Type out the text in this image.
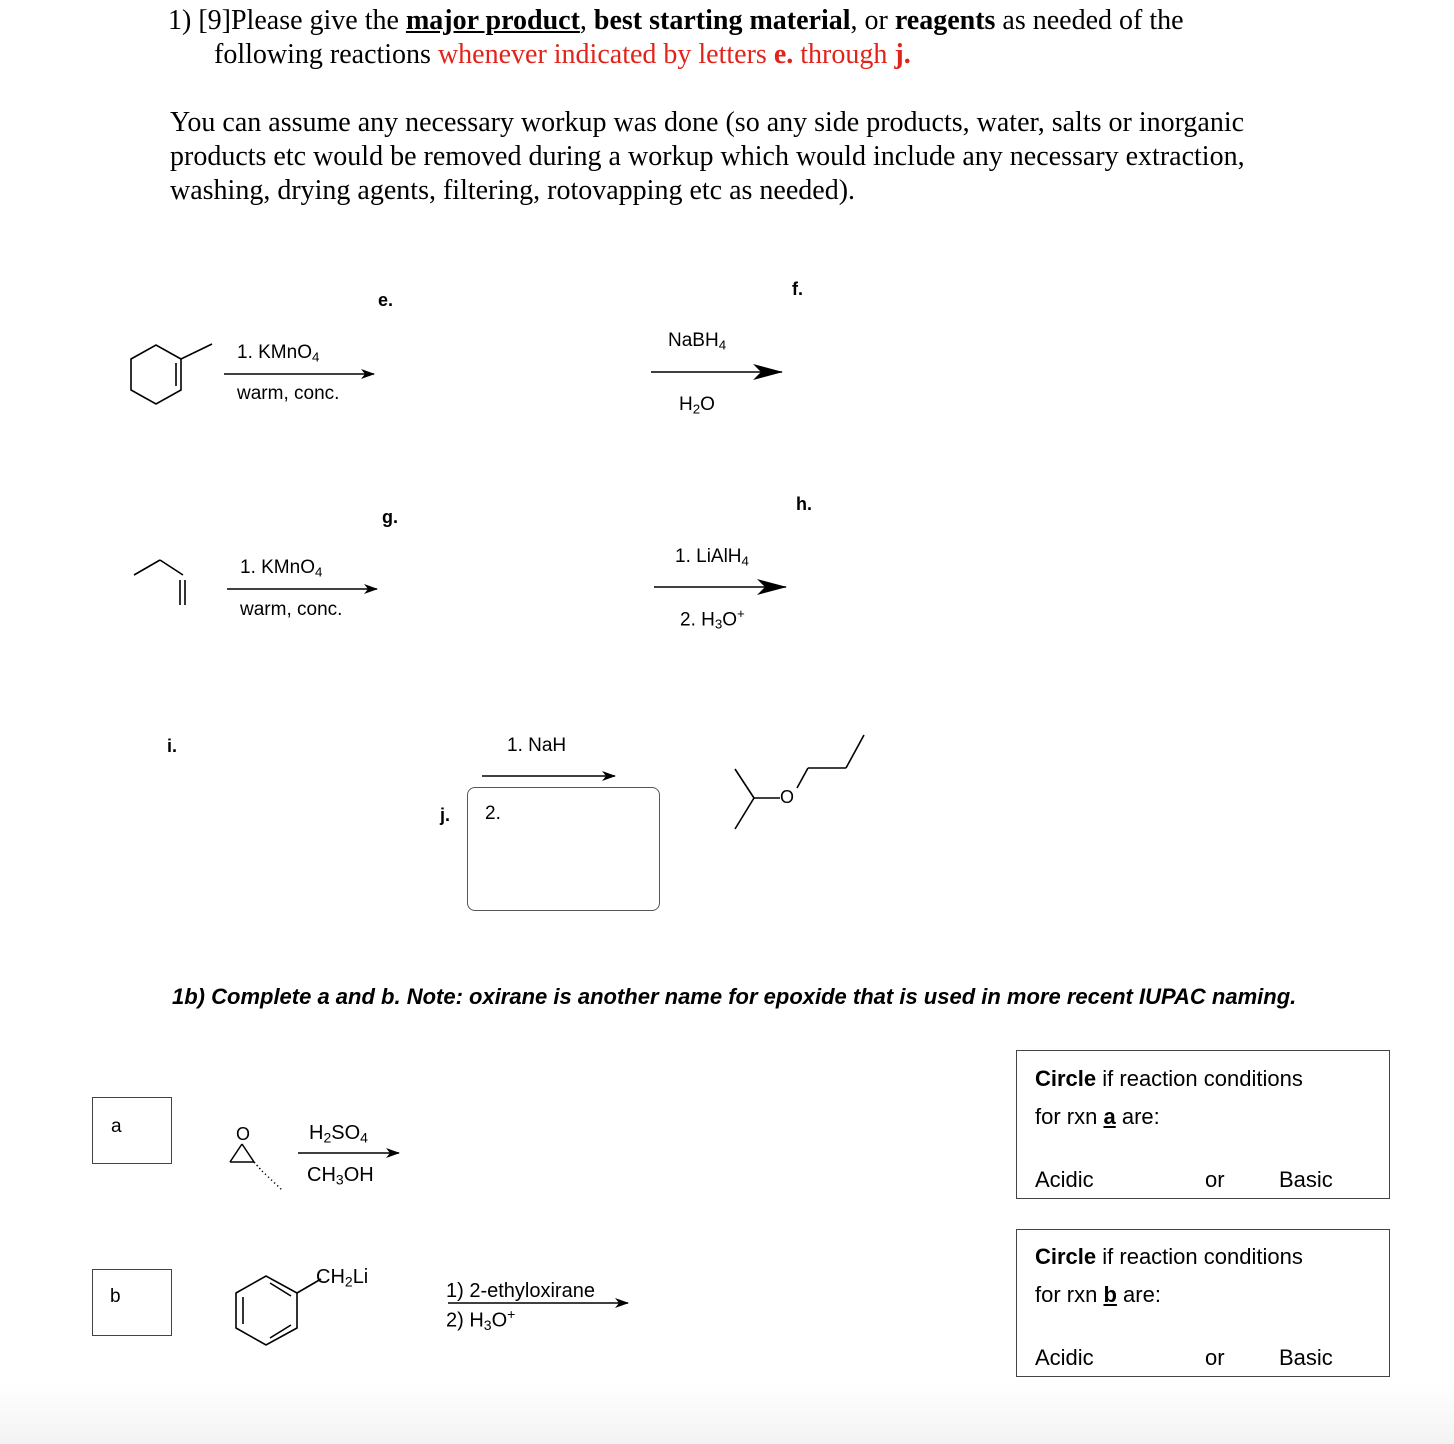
1) [9]Please give the major product, best starting material, or reagents as needed of the
following reactions whenever indicated by letters e. through j.
You can assume any necessary workup was done (so any side products, water, salts or inorganic
products etc would be removed during a workup which would include any necessary extraction,
washing, drying agents, filtering, rotovapping etc as needed).
e.
1. KMnO$_4$
warm, conc.
f.
NaBH$_4$
$H_2O$
g.
1. KMnO$_4$
warm, conc.
h.
1. LiAlH$_4$
2. $H_3O^+$
i.	1. NaH
j. 2.
O
1b) Complete a and b. Note: oxirane is another name for epoxide that is used in more recent IUPAC naming.
a	O	$H_2SO_4$
$CH_3OH$
Circle if reaction conditions
for rxn a are:
Acidic	or Basic
b
$CH_2Li$
1) 2-ethyloxirane
2) $H_3O^+$
Circle if reaction conditions
for rxn b are:
Acidic	or Basic
